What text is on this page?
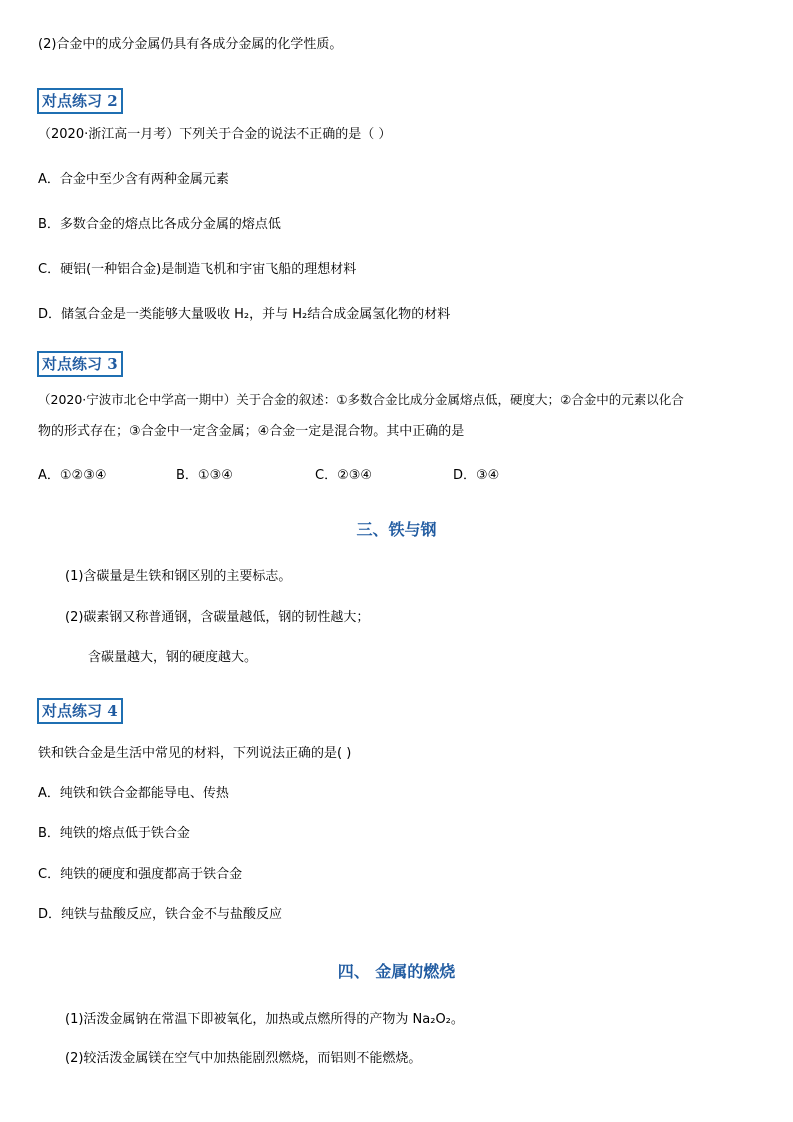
(2)合金中的成分金属仍具有各成分金属的化学性质。
对点练习 2
（2020·浙江高一月考）下列关于合金的说法不正确的是（ ）
A．合金中至少含有两种金属元素
B．多数合金的熔点比各成分金属的熔点低
C．硬铝(一种铝合金)是制造飞机和宇宙飞船的理想材料
D．储氢合金是一类能够大量吸收 H₂，并与 H₂结合成金属氢化物的材料
对点练习 3
（2020·宁波市北仑中学高一期中）关于合金的叙述：①多数合金比成分金属熔点低，硬度大；②合金中的元素以化合
物的形式存在；③合金中一定含金属；④合金一定是混合物。其中正确的是
A．①②③④	B．①③④	C．②③④	D．③④
三、铁与钢
(1)含碳量是生铁和钢区别的主要标志。
(2)碳素钢又称普通钢，含碳量越低，钢的韧性越大；
含碳量越大，钢的硬度越大。
对点练习 4
铁和铁合金是生活中常见的材料，下列说法正确的是( )
A．纯铁和铁合金都能导电、传热
B．纯铁的熔点低于铁合金
C．纯铁的硬度和强度都高于铁合金
D．纯铁与盐酸反应，铁合金不与盐酸反应
四、 金属的燃烧
(1)活泼金属钠在常温下即被氧化，加热或点燃所得的产物为 Na₂O₂。
(2)较活泼金属镁在空气中加热能剧烈燃烧，而铝则不能燃烧。
